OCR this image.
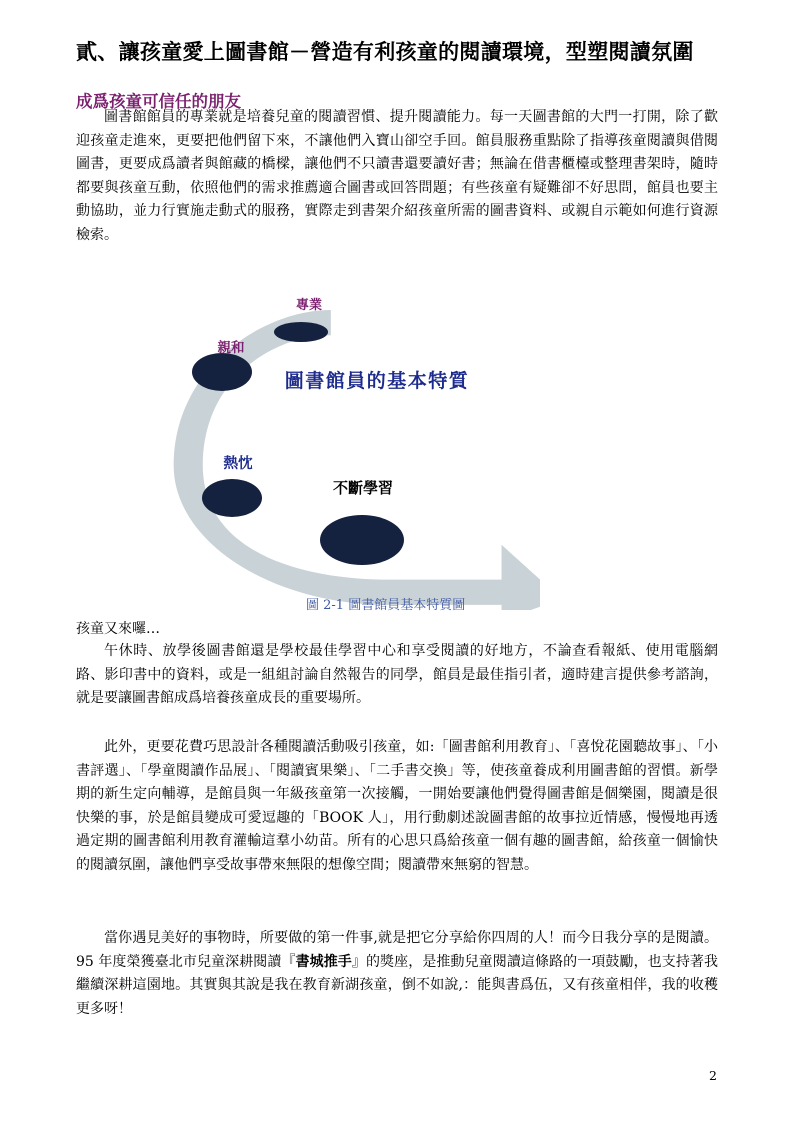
貳、讓孩童愛上圖書館－營造有利孩童的閱讀環境，型塑閱讀氛圍
成爲孩童可信任的朋友

圖書館館員的專業就是培養兒童的閱讀習慣、提升閱讀能力。每一天圖書館的大門一打開，除了歡迎孩童走進來，更要把他們留下來，不讓他們入寶山卻空手回。館員服務重點除了指導孩童閱讀與借閱圖書，更要成爲讀者與館藏的橋樑，讓他們不只讀書還要讀好書；無論在借書櫃檯或整理書架時，隨時都要與孩童互動，依照他們的需求推薦適合圖書或回答問題；有些孩童有疑難卻不好思問，館員也要主動協助，並力行實施走動式的服務，實際走到書架介紹孩童所需的圖書資料、或親自示範如何進行資源檢索。

專業
親和
圖書館員的基本特質
熱忱
不斷學習
圖 2-1 圖書館員基本特質圖

孩童又來囉…

午休時、放學後圖書館還是學校最佳學習中心和享受閱讀的好地方，不論查看報紙、使用電腦網路、影印書中的資料，或是一組組討論自然報告的同學，館員是最佳指引者，適時建言提供參考諮詢，就是要讓圖書館成爲培養孩童成長的重要場所。

此外，更要花費巧思設計各種閱讀活動吸引孩童，如:「圖書館利用教育」、「喜悅花園聽故事」、「小書評選」、「學童閱讀作品展」、「閱讀賓果樂」、「二手書交換」等，使孩童養成利用圖書館的習慣。新學期的新生定向輔導，是館員與一年級孩童第一次接觸，一開始要讓他們覺得圖書館是個樂園，閱讀是很快樂的事，於是館員變成可愛逗趣的「BOOK 人」，用行動劇述說圖書館的故事拉近情感，慢慢地再透過定期的圖書館利用教育灌輸這羣小幼苗。所有的心思只爲給孩童一個有趣的圖書館，給孩童一個愉快的閱讀氛圍，讓他們享受故事帶來無限的想像空間；閱讀帶來無窮的智慧。

當你遇見美好的事物時，所要做的第一件事,就是把它分享給你四周的人！而今日我分享的是閱讀。95 年度榮獲臺北市兒童深耕閱讀『書城推手』的獎座，是推動兒童閱讀這條路的一項鼓勵，也支持著我繼續深耕這園地。其實與其說是我在教育新湖孩童，倒不如說,：能與書爲伍，又有孩童相伴，我的收穫更多呀！

2
